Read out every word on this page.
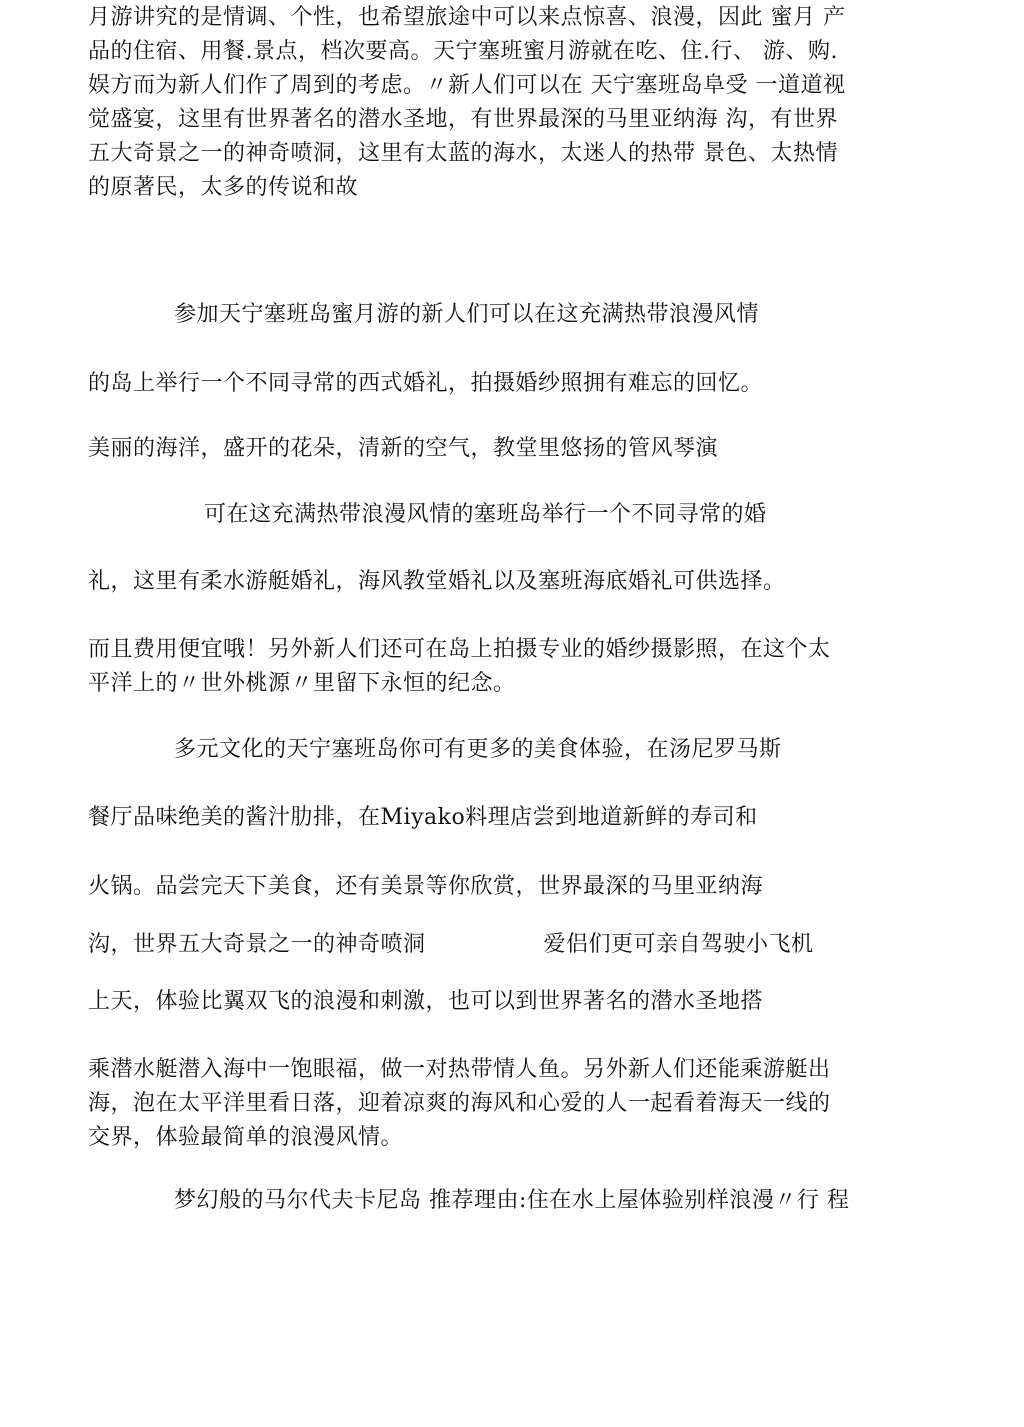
月游讲究的是情调、个性，也希望旅途中可以来点惊喜、浪漫，因此 蜜月 产
品的住宿、用餐.景点，档次要高。天宁塞班蜜月游就在吃、住.行、 游、购.
娱方而为新人们作了周到的考虑。〃新人们可以在 天宁塞班岛阜受 一道道视
觉盛宴，这里有世界著名的潜水圣地，有世界最深的马里亚纳海 沟，有世界
五大奇景之一的神奇喷洞，这里有太蓝的海水，太迷人的热带 景色、太热情
的原著民，太多的传说和故
参加天宁塞班岛蜜月游的新人们可以在这充满热带浪漫风情
的岛上举行一个不同寻常的西式婚礼，拍摄婚纱照拥有难忘的回忆。
美丽的海洋，盛开的花朵，清新的空气，教堂里悠扬的管风琴演
可在这充满热带浪漫风情的塞班岛举行一个不同寻常的婚
礼，这里有柔水游艇婚礼，海风教堂婚礼以及塞班海底婚礼可供选择。
而且费用便宜哦！另外新人们还可在岛上拍摄专业的婚纱摄影照，在这个太
平洋上的〃世外桃源〃里留下永恒的纪念。
多元文化的天宁塞班岛你可有更多的美食体验，在汤尼罗马斯
餐厅品味绝美的酱汁肋排，在Miyako料理店尝到地道新鲜的寿司和
火锅。品尝完天下美食，还有美景等你欣赏，世界最深的马里亚纳海
沟，世界五大奇景之一的神奇喷洞	爱侣们更可亲自驾驶小飞机
上天，体验比翼双飞的浪漫和刺激，也可以到世界著名的潜水圣地搭
乘潜水艇潜入海中一饱眼福，做一对热带情人鱼。另外新人们还能乘游艇出
海，泡在太平洋里看日落，迎着凉爽的海风和心爱的人一起看着海天一线的
交界，体验最简单的浪漫风情。
梦幻般的马尔代夫卡尼岛 推荐理由:住在水上屋体验别样浪漫〃行 程
